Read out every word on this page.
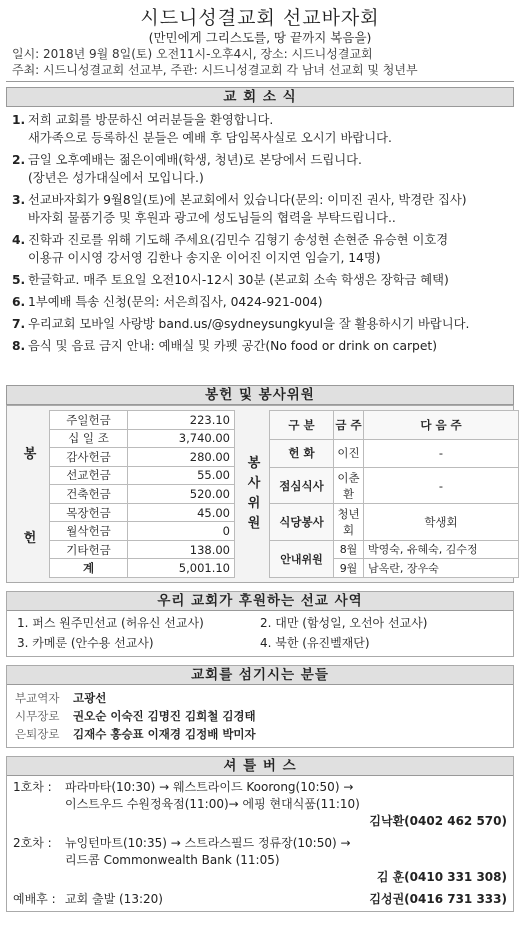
시드니성결교회 선교바자회
(만민에게 그리스도를, 땅 끝까지 복음을)
일시: 2018년 9월 8일(토) 오전11시-오후4시, 장소: 시드니성결교회
주최: 시드니성결교회 선교부, 주관: 시드니성결교회 각 남녀 선교회 및 청년부
교 회 소 식
1. 저희 교회를 방문하신 여러분들을 환영합니다.
새가족으로 등록하신 분들은 예배 후 담임목사실로 오시기 바랍니다.
2. 금일 오후예배는 젊은이예배(학생, 청년)로 본당에서 드립니다.
(장년은 성가대실에서 모입니다.)
3. 선교바자회가 9월8일(토)에 본교회에서 있습니다(문의: 이미진 권사, 박경란 집사)
바자회 물품기증 및 후원과 광고에 성도님들의 협력을 부탁드립니다..
4. 진학과 진로를 위해 기도해 주세요(김민수 김형기 송성현 손현준 유승현 이호경
이용규 이시영 강서영 김한나 송지운 이어진 이지연 임슬기, 14명)
5. 한글학교. 매주 토요일 오전10시-12시 30분 (본교회 소속 학생은 장학금 혜택)
6. 1부예배 특송 신청(문의: 서은희집사, 0424-921-004)
7. 우리교회 모바일 사랑방 band.us/@sydneysungkyul을 잘 활용하시기 바랍니다.
8. 음식 및 음료 금지 안내: 예배실 및 카펫 공간(No food or drink on carpet)
봉헌 및 봉사위원
봉
헌
주일헌금	223.10
십 일 조	3,740.00
감사헌금	280.00
선교헌금	55.00
건축헌금	520.00
목장헌금	45.00
월삭헌금	0
기타헌금	138.00
계	5,001.10
봉
사
위
원
구 분	금 주	다 음 주
헌 화	이진	-
점심식사	이춘환	-
식당봉사	청년회	학생회
안내위원	8월	박영숙, 유혜숙, 김수정
	9월	남옥란, 장우숙
우리 교회가 후원하는 선교 사역
1. 퍼스 원주민선교 (허유신 선교사)	2. 대만 (함성일, 오선아 선교사)
3. 카메룬 (안수용 선교사)	4. 북한 (유진벨재단)
교회를 섬기시는 분들
부교역자	고광선
시무장로	권오순 이숙진 김명진 김희철 김경태
은퇴장로	김재수 홍승표 이재경 김정배 박미자
셔 틀 버 스
1호차 :	파라마타(10:30) → 웨스트라이드 Koorong(10:50) →
이스트우드 수원정육점(11:00)→ 에핑 현대식품(11:10)
김낙환(0402 462 570)
2호차 :	뉴잉턴마트(10:35) → 스트라스필드 정류장(10:50) →
리드콤 Commonwealth Bank (11:05)
김 훈(0410 331 308)
예배후 : 교회 출발 (13:20)	김성권(0416 731 333)
